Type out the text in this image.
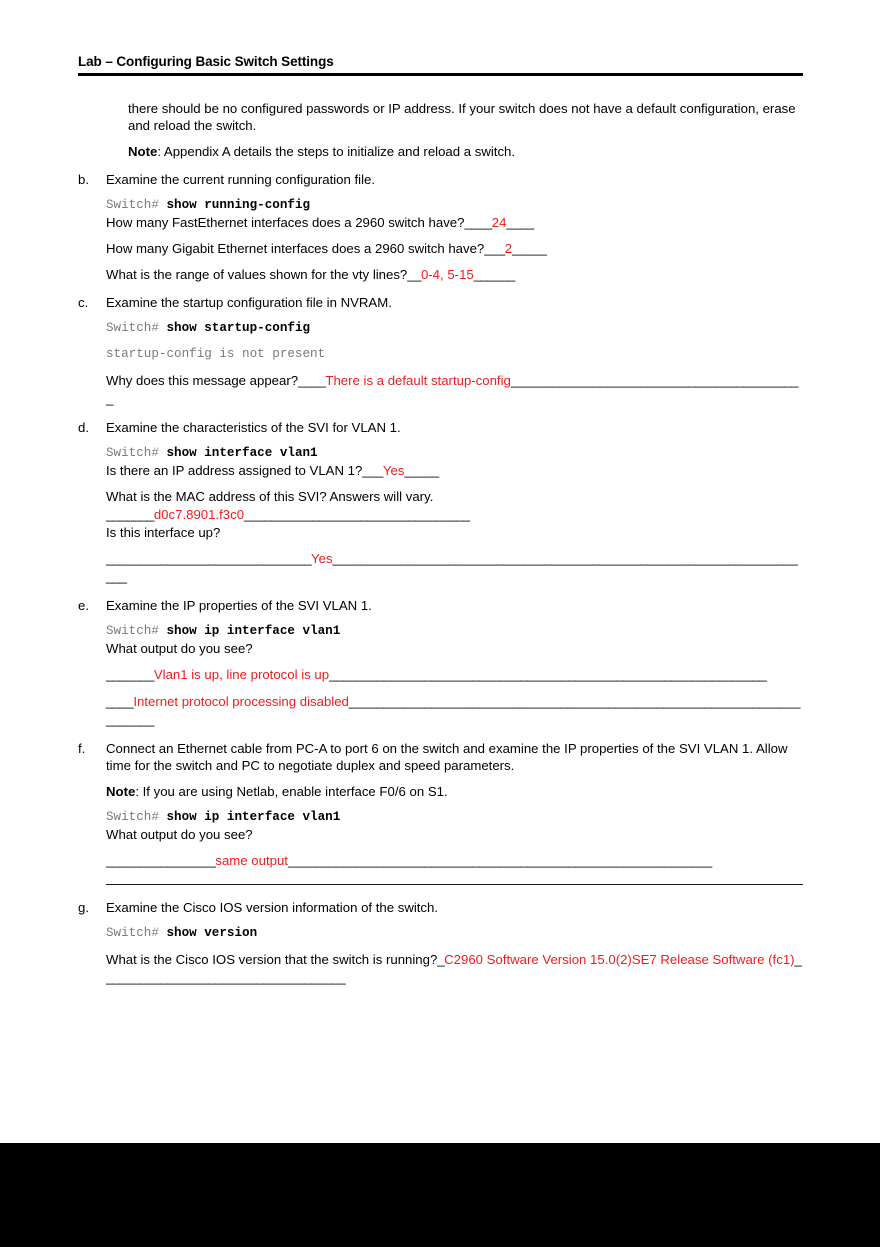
Lab – Configuring Basic Switch Settings

there should be no configured passwords or IP address. If your switch does not have a default configuration, erase and reload the switch.

Note: Appendix A details the steps to initialize and reload a switch.

b.	Examine the current running configuration file.

Switch# show running-config

How many FastEthernet interfaces does a 2960 switch have?____24____

How many Gigabit Ethernet interfaces does a 2960 switch have?___2_____

What is the range of values shown for the vty lines?__0-4, 5-15______

c.	Examine the startup configuration file in NVRAM.

Switch# show startup-config

startup-config is not present

Why does this message appear?____There is a default startup-config___________________________________________

d.	Examine the characteristics of the SVI for VLAN 1.

Switch# show interface vlan1

Is there an IP address assigned to VLAN 1?___Yes_____

What is the MAC address of this SVI? Answers will vary.
_______d0c7.8901.f3c0_________________________________

Is this interface up?

______________________________Yes_______________________________________________________________________

e.	Examine the IP properties of the SVI VLAN 1.

Switch# show ip interface vlan1

What output do you see?

_______Vlan1 is up, line protocol is up________________________________________________________________

____Internet protocol processing disabled_________________________________________________________________________

f.	Connect an Ethernet cable from PC-A to port 6 on the switch and examine the IP properties of the SVI VLAN 1. Allow time for the switch and PC to negotiate duplex and speed parameters.

Note: If you are using Netlab, enable interface F0/6 on S1.

Switch# show ip interface vlan1

What output do you see?

________________same output______________________________________________________________

g.	Examine the Cisco IOS version information of the switch.

Switch# show version

What is the Cisco IOS version that the switch is running?_C2960 Software Version 15.0(2)SE7 Release Software (fc1)____________________________________
